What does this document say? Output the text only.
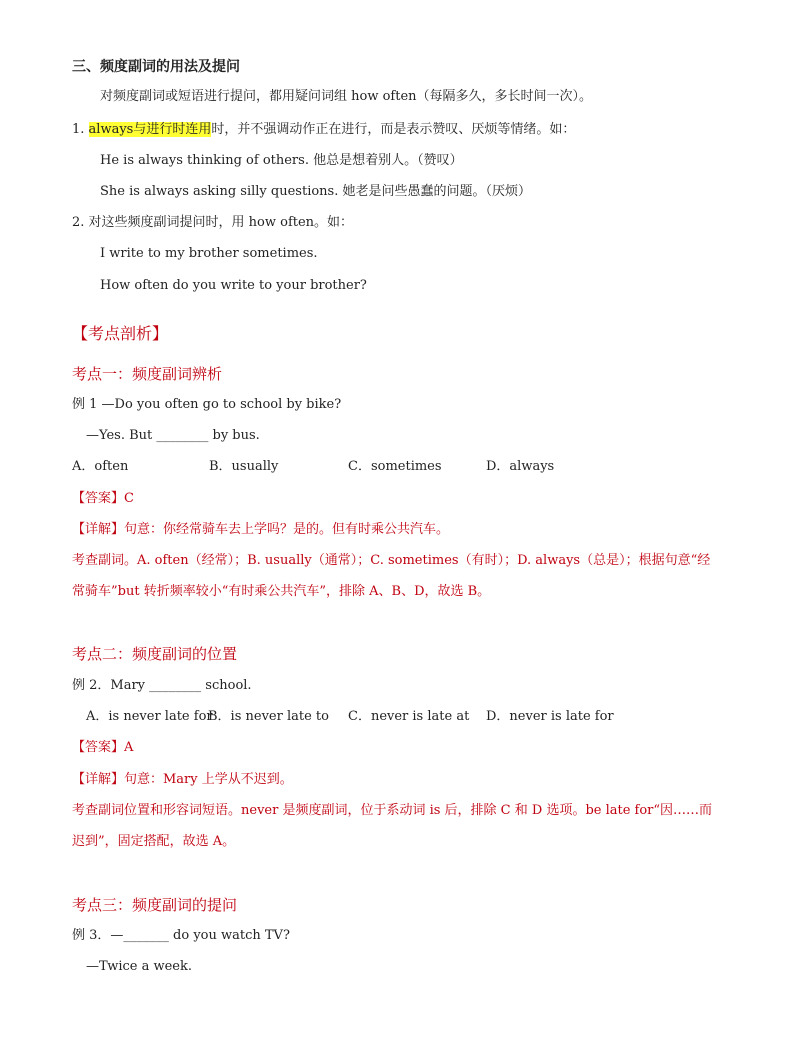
三、频度副词的用法及提问
对频度副词或短语进行提问，都用疑问词组 how often（每隔多久，多长时间一次）。
1. always与进行时连用时，并不强调动作正在进行，而是表示赞叹、厌烦等情绪。如：
He is always thinking of others. 他总是想着别人。（赞叹）
She is always asking silly questions. 她老是问些愚蠢的问题。（厌烦）
2. 对这些频度副词提问时，用 how often。如：
I write to my brother sometimes.
How often do you write to your brother?
【考点剖析】
考点一：频度副词辨析
例 1 —Do you often go to school by bike?
—Yes. But ________ by bus.
A．often	B．usually	C．sometimes	D．always
【答案】C
【详解】句意：你经常骑车去上学吗？是的。但有时乘公共汽车。
考查副词。A. often（经常）；B. usually（通常）；C. sometimes（有时）；D. always（总是）；根据句意“经
常骑车”but 转折频率较小“有时乘公共汽车”，排除 A、B、D，故选 B。
考点二：频度副词的位置
例 2．Mary ________ school.
A．is never late for
B．is never late to C．never is late at D．never is late for
【答案】A
【详解】句意：Mary 上学从不迟到。
考查副词位置和形容词短语。never 是频度副词，位于系动词 is 后，排除 C 和 D 选项。be late for“因……而
迟到”，固定搭配，故选 A。
考点三：频度副词的提问
例 3．—_______ do you watch TV?
—Twice a week.
